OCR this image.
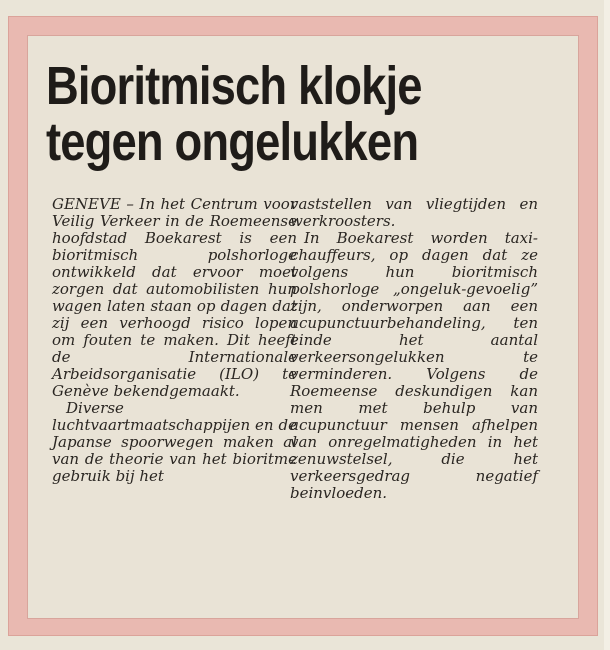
Bioritmisch klokje
tegen ongelukken

GENEVE – In het Centrum voor Veilig Verkeer in de Roemeense hoofdstad Boekarest is een bioritmisch polshorloge ontwikkeld dat ervoor moet zorgen dat automobilisten hun wagen laten staan op dagen dat zij een verhoogd risico lopen om fouten te maken. Dit heeft de Internationale Arbeidsorganisatie (ILO) te Genève bekendgemaakt.

Diverse luchtvaartmaatschappijen en de Japanse spoorwegen maken al van de theorie van het bioritme gebruik bij het

vaststellen van vliegtijden en werkroosters.

In Boekarest worden taxi-chauffeurs, op dagen dat ze volgens hun bioritmisch polshorloge „ongeluk-gevoelig” zijn, onderworpen aan een acupunctuurbehandeling, ten einde het aantal verkeersongelukken te verminderen. Volgens de Roemeense deskundigen kan men met behulp van acupunctuur mensen afhelpen van onregelmatigheden in het zenuwstelsel, die het verkeersgedrag negatief beinvloeden.
